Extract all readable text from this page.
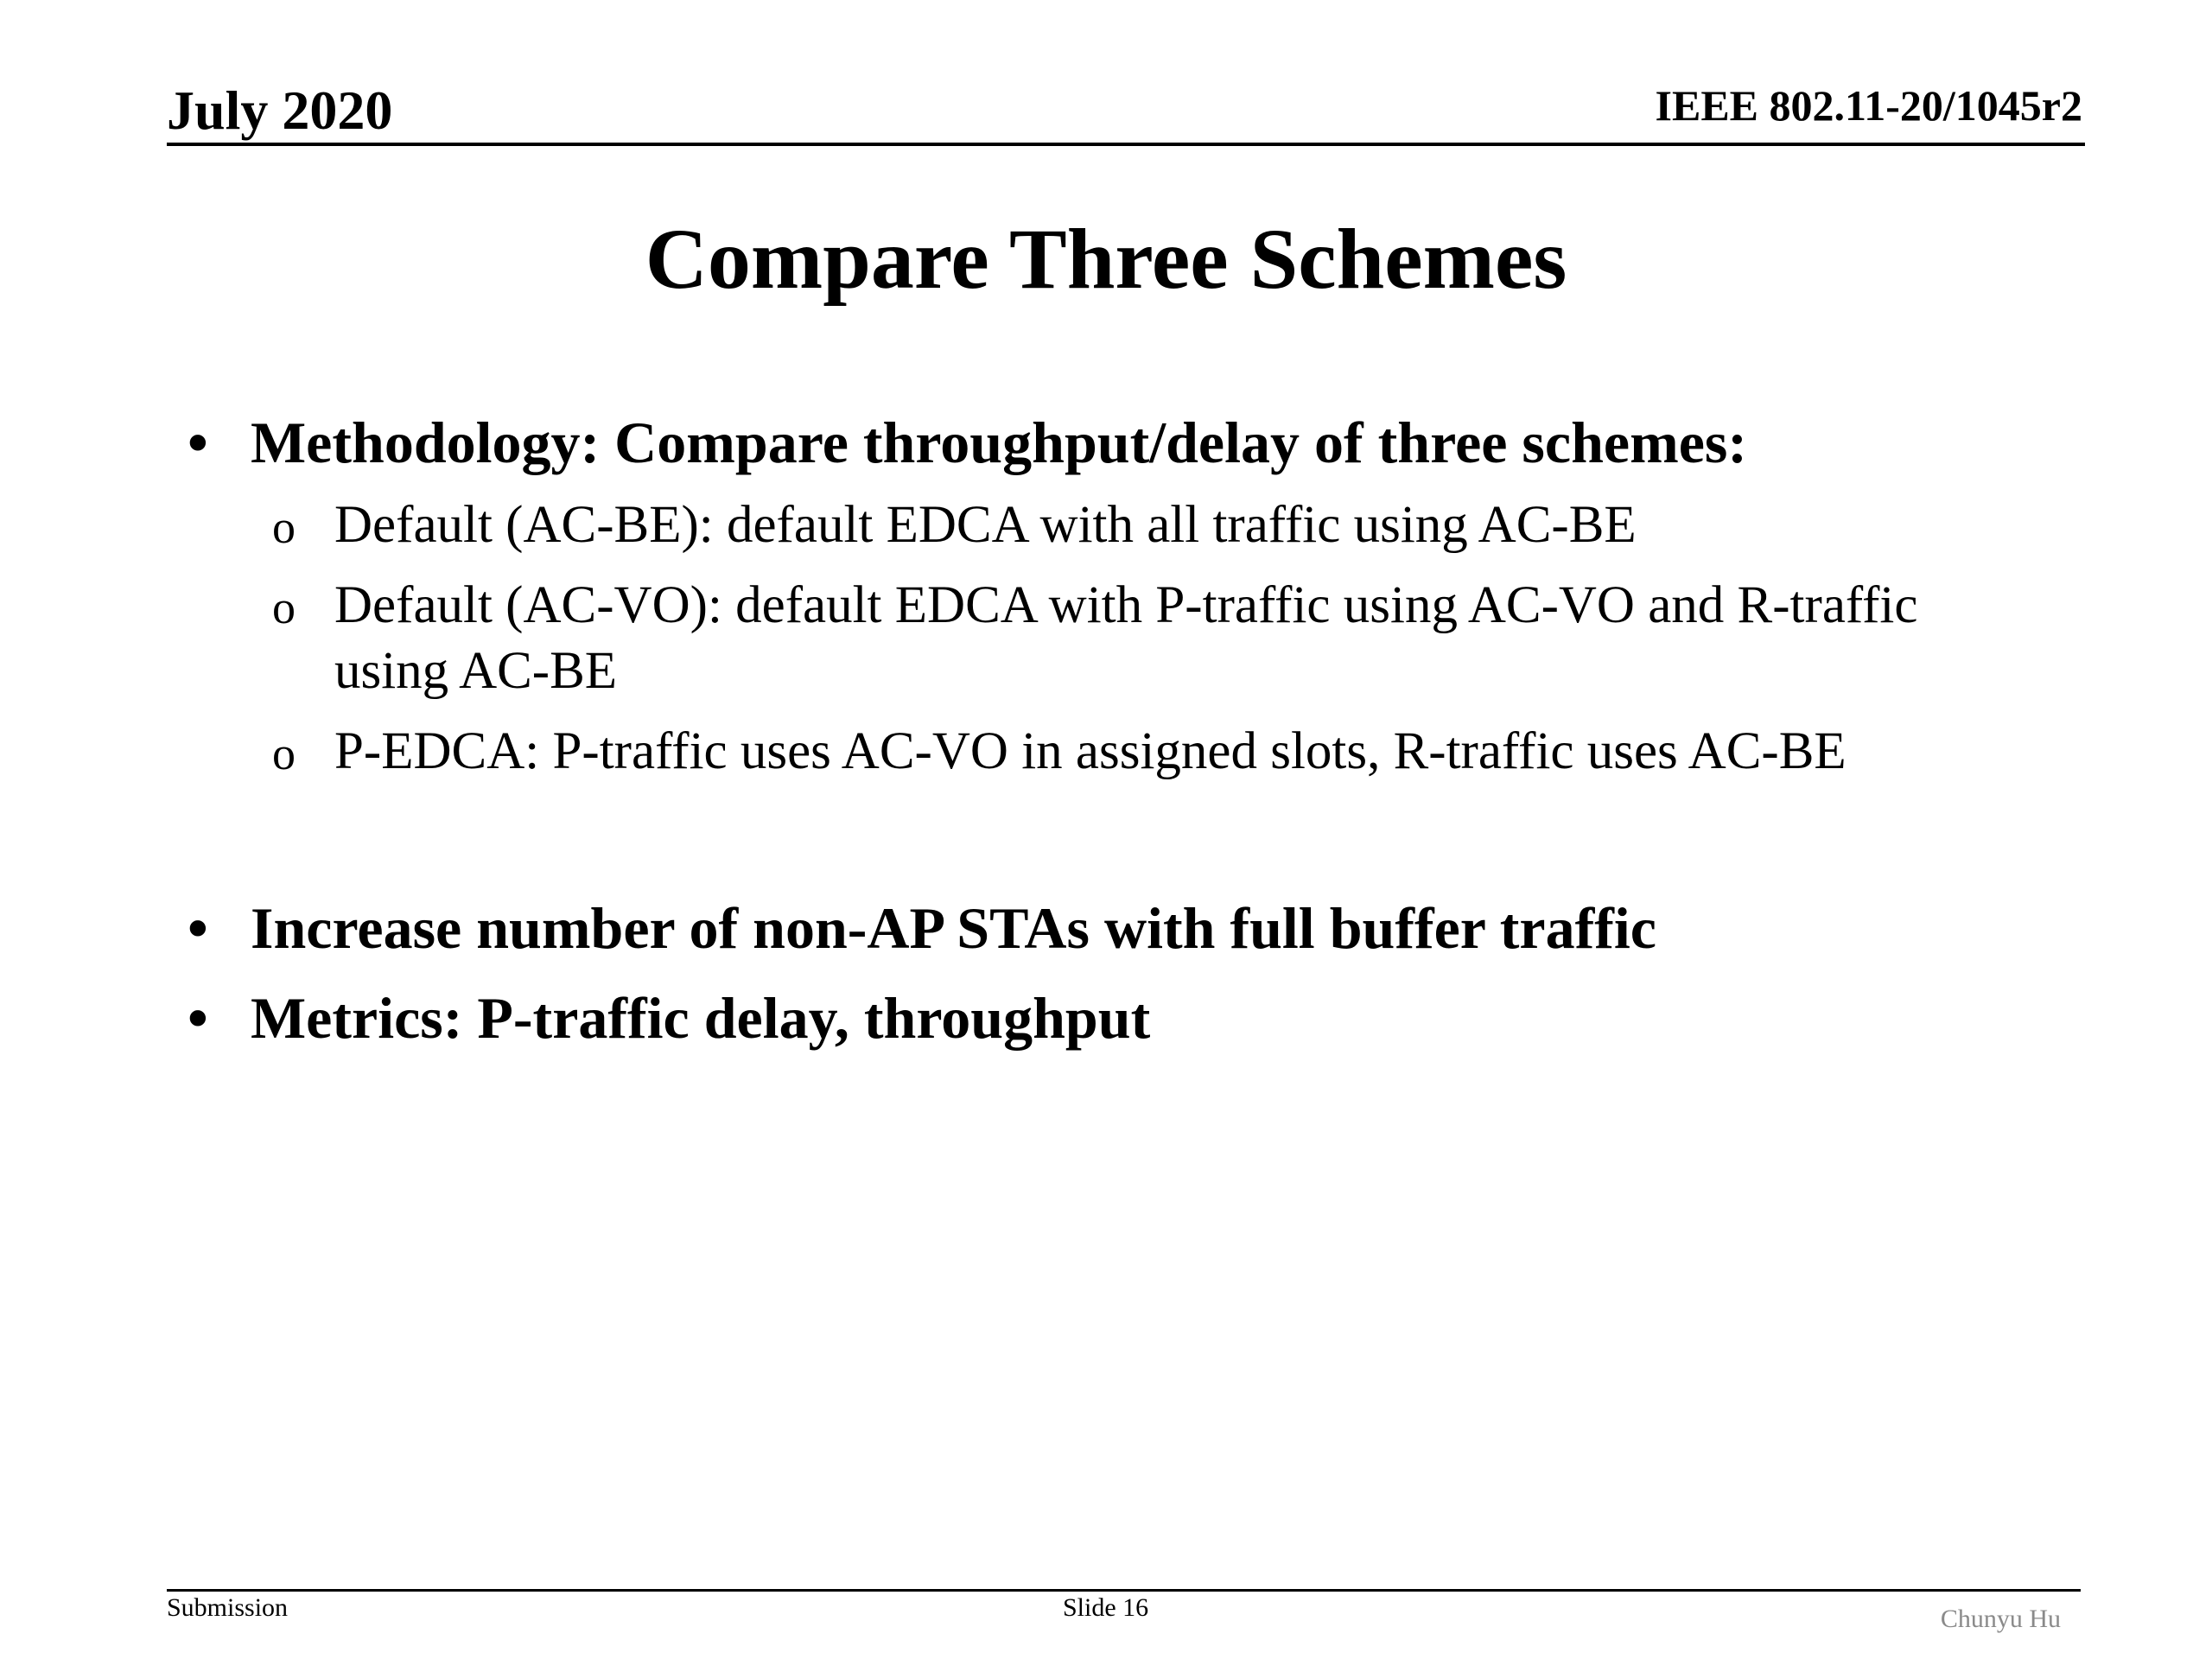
July 2020	IEEE 802.11-20/1045r2
Compare Three Schemes
• Methodology: Compare throughput/delay of three schemes:
o Default (AC-BE): default EDCA with all traffic using AC-BE
o Default (AC-VO): default EDCA with P-traffic using AC-VO and R-traffic using AC-BE
o P-EDCA: P-traffic uses AC-VO in assigned slots, R-traffic uses AC-BE
• Increase number of non-AP STAs with full buffer traffic
• Metrics: P-traffic delay, throughput
Submission	Slide 16	Chunyu Hu
